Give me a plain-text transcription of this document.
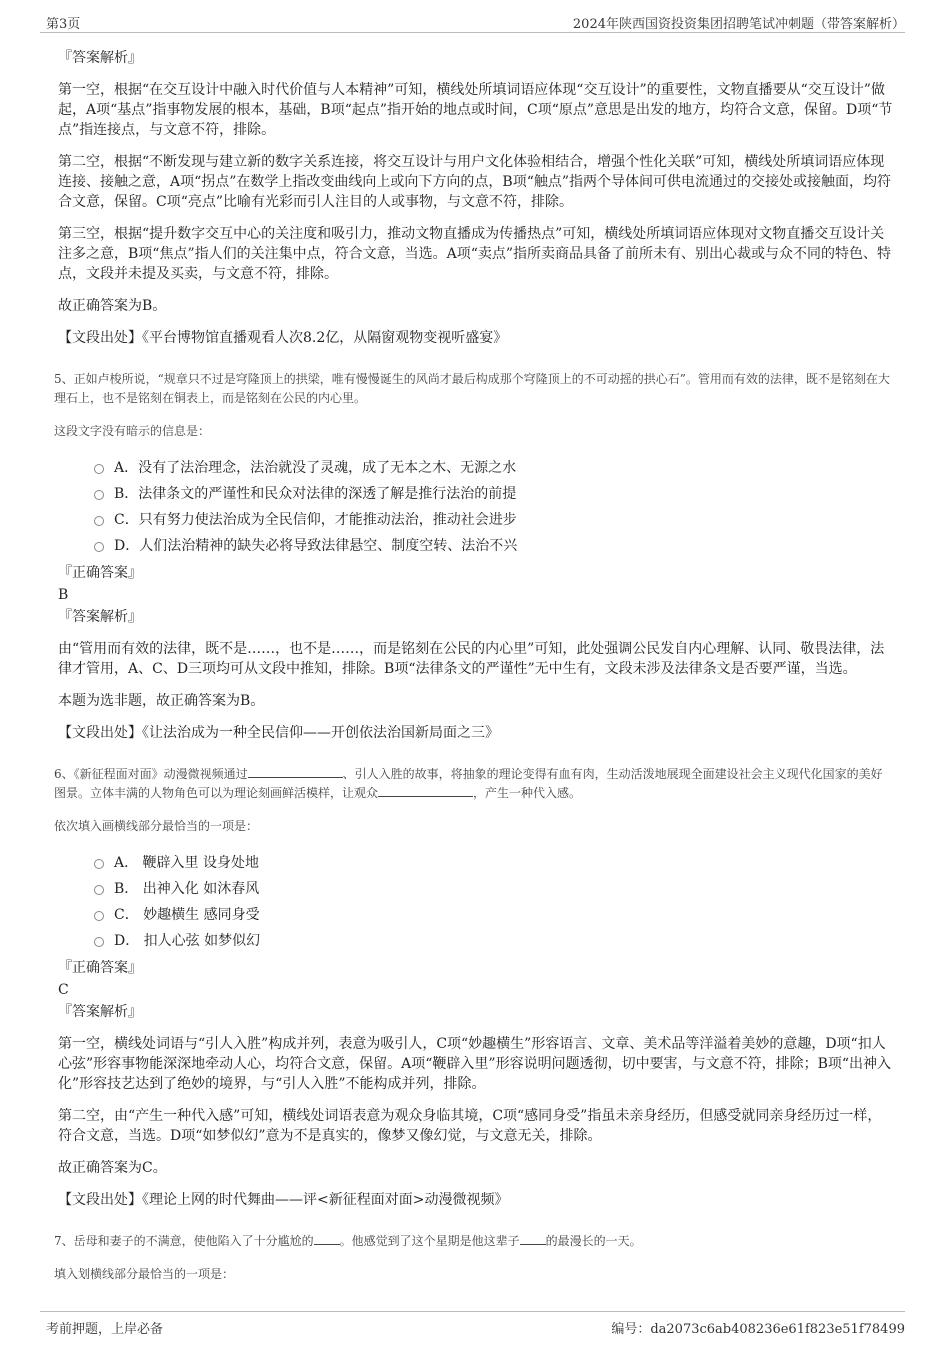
第3页	2024年陕西国资投资集团招聘笔试冲刺题（带答案解析）
『答案解析』

第一空，根据“在交互设计中融入时代价值与人本精神”可知，横线处所填词语应体现“交互设计”的重要性，文物直播要从“交互设计”做起，A项“基点”指事物发展的根本，基础，B项“起点”指开始的地点或时间，C项“原点”意思是出发的地方，均符合文意，保留。D项“节点”指连接点，与文意不符，排除。

第二空，根据“不断发现与建立新的数字关系连接，将交互设计与用户文化体验相结合，增强个性化关联”可知，横线处所填词语应体现连接、接触之意，A项“拐点”在数学上指改变曲线向上或向下方向的点，B项“触点”指两个导体间可供电流通过的交接处或接触面，均符合文意，保留。C项“亮点”比喻有光彩而引人注目的人或事物，与文意不符，排除。

第三空，根据“提升数字交互中心的关注度和吸引力，推动文物直播成为传播热点”可知，横线处所填词语应体现对文物直播交互设计关注多之意，B项“焦点”指人们的关注集中点，符合文意，当选。A项“卖点”指所卖商品具备了前所未有、别出心裁或与众不同的特色、特点，文段并未提及买卖，与文意不符，排除。

故正确答案为B。

【文段出处】《平台博物馆直播观看人次8.2亿，从隔窗观物变视听盛宴》

5、正如卢梭所说，“规章只不过是穹隆顶上的拱梁，唯有慢慢诞生的风尚才最后构成那个穹隆顶上的不可动摇的拱心石”。管用而有效的法律，既不是铭刻在大理石上，也不是铭刻在铜表上，而是铭刻在公民的内心里。
这段文字没有暗示的信息是：
A．没有了法治理念，法治就没了灵魂，成了无本之木、无源之水
B．法律条文的严谨性和民众对法律的深透了解是推行法治的前提
C．只有努力使法治成为全民信仰，才能推动法治，推动社会进步
D．人们法治精神的缺失必将导致法律悬空、制度空转、法治不兴
『正确答案』
B
『答案解析』

由“管用而有效的法律，既不是……，也不是……，而是铭刻在公民的内心里”可知，此处强调公民发自内心理解、认同、敬畏法律，法律才管用，A、C、D三项均可从文段中推知，排除。B项“法律条文的严谨性”无中生有，文段未涉及法律条文是否要严谨，当选。

本题为选非题，故正确答案为B。

【文段出处】《让法治成为一种全民信仰——开创依法治国新局面之三》

6、《新征程面对面》动漫微视频通过	、引人入胜的故事，将抽象的理论变得有血有肉，生动活泼地展现全面建设社会主义现代化国家的美好图景。立体丰满的人物角色可以为理论刻画鲜活模样，让观众	，产生一种代入感。
依次填入画横线部分最恰当的一项是：
A． 鞭辟入里 设身处地
B． 出神入化 如沐春风
C． 妙趣横生 感同身受
D． 扣人心弦 如梦似幻
『正确答案』
C
『答案解析』

第一空，横线处词语与“引人入胜”构成并列，表意为吸引人，C项“妙趣横生”形容语言、文章、美术品等洋溢着美妙的意趣，D项“扣人心弦”形容事物能深深地牵动人心，均符合文意，保留。A项“鞭辟入里”形容说明问题透彻，切中要害，与文意不符，排除；B项“出神入化”形容技艺达到了绝妙的境界，与“引人入胜”不能构成并列，排除。

第二空，由“产生一种代入感”可知，横线处词语表意为观众身临其境，C项“感同身受”指虽未亲身经历，但感受就同亲身经历过一样，符合文意，当选。D项“如梦似幻”意为不是真实的，像梦又像幻觉，与文意无关，排除。

故正确答案为C。

【文段出处】《理论上网的时代舞曲——评<新征程面对面>动漫微视频》

7、岳母和妻子的不满意，使他陷入了十分尴尬的 。他感觉到了这个星期是他这辈子 的最漫长的一天。
填入划横线部分最恰当的一项是：
考前押题，上岸必备	编号：da2073c6ab408236e61f823e51f78499
